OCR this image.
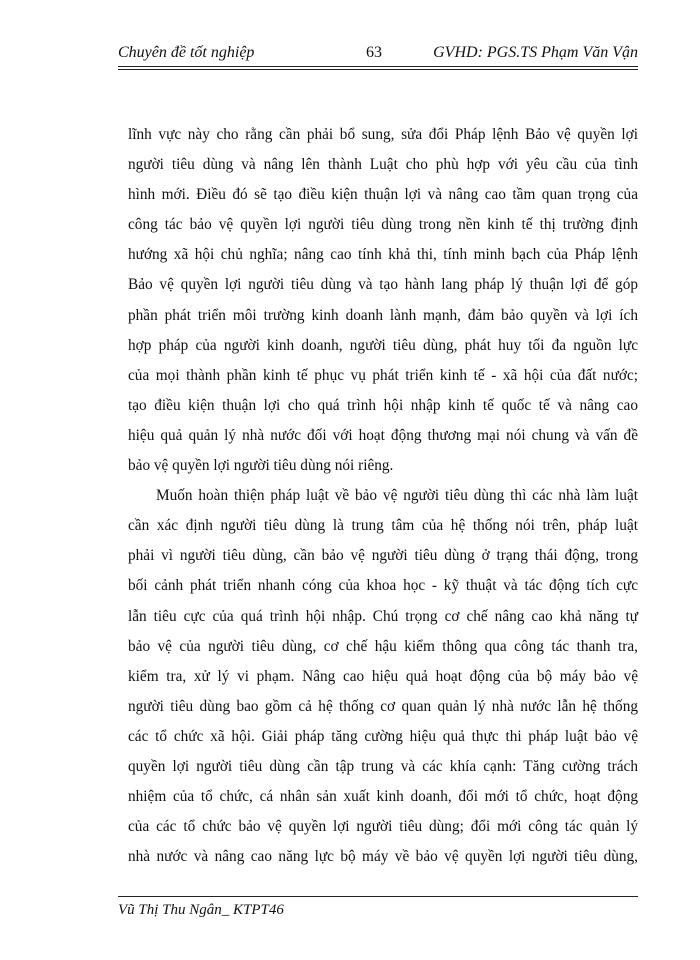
Chuyên đề tốt nghiệp	63	GVHD: PGS.TS Phạm Văn Vận
lĩnh vực này cho rằng cần phải bổ sung, sửa đổi Pháp lệnh Bảo vệ quyền lợi
người tiêu dùng và nâng lên thành Luật cho phù hợp với yêu cầu của tình
hình mới. Điều đó sẽ tạo điều kiện thuận lợi và nâng cao tầm quan trọng của
công tác bảo vệ quyền lợi người tiêu dùng trong nền kinh tế thị trường định
hướng xã hội chủ nghĩa; nâng cao tính khả thi, tính minh bạch của Pháp lệnh
Bảo vệ quyền lợi người tiêu dùng và tạo hành lang pháp lý thuận lợi để góp
phần phát triển môi trường kinh doanh lành mạnh, đảm bảo quyền và lợi ích
hợp pháp của người kinh doanh, người tiêu dùng, phát huy tối đa nguồn lực
của mọi thành phần kinh tế phục vụ phát triển kinh tế - xã hội của đất nước;
tạo điều kiện thuận lợi cho quá trình hội nhập kinh tế quốc tế và nâng cao
hiệu quả quản lý nhà nước đối với hoạt động thương mại nói chung và vấn đề
bảo vệ quyền lợi người tiêu dùng nói riêng.
Muốn hoàn thiện pháp luật về bảo vệ người tiêu dùng thì các nhà làm luật
cần xác định người tiêu dùng là trung tâm của hệ thống nói trên, pháp luật
phải vì người tiêu dùng, cần bảo vệ người tiêu dùng ở trạng thái động, trong
bối cảnh phát triển nhanh cóng của khoa học - kỹ thuật và tác động tích cực
lẫn tiêu cực của quá trình hội nhập. Chú trọng cơ chế nâng cao khả năng tự
bảo vệ của người tiêu dùng, cơ chế hậu kiểm thông qua công tác thanh tra,
kiểm tra, xử lý vi phạm. Nâng cao hiệu quả hoạt động của bộ máy bảo vệ
người tiêu dùng bao gồm cả hệ thống cơ quan quản lý nhà nước lẫn hệ thống
các tổ chức xã hội. Giải pháp tăng cường hiệu quả thực thi pháp luật bảo vệ
quyền lợi người tiêu dùng cần tập trung và các khía cạnh: Tăng cường trách
nhiệm của tổ chức, cá nhân sản xuất kinh doanh, đổi mới tổ chức, hoạt động
của các tổ chức bảo vệ quyền lợi người tiêu dùng; đổi mới công tác quản lý
nhà nước và nâng cao năng lực bộ máy về bảo vệ quyền lợi người tiêu dùng,
Vũ Thị Thu Ngân_ KTPT46
